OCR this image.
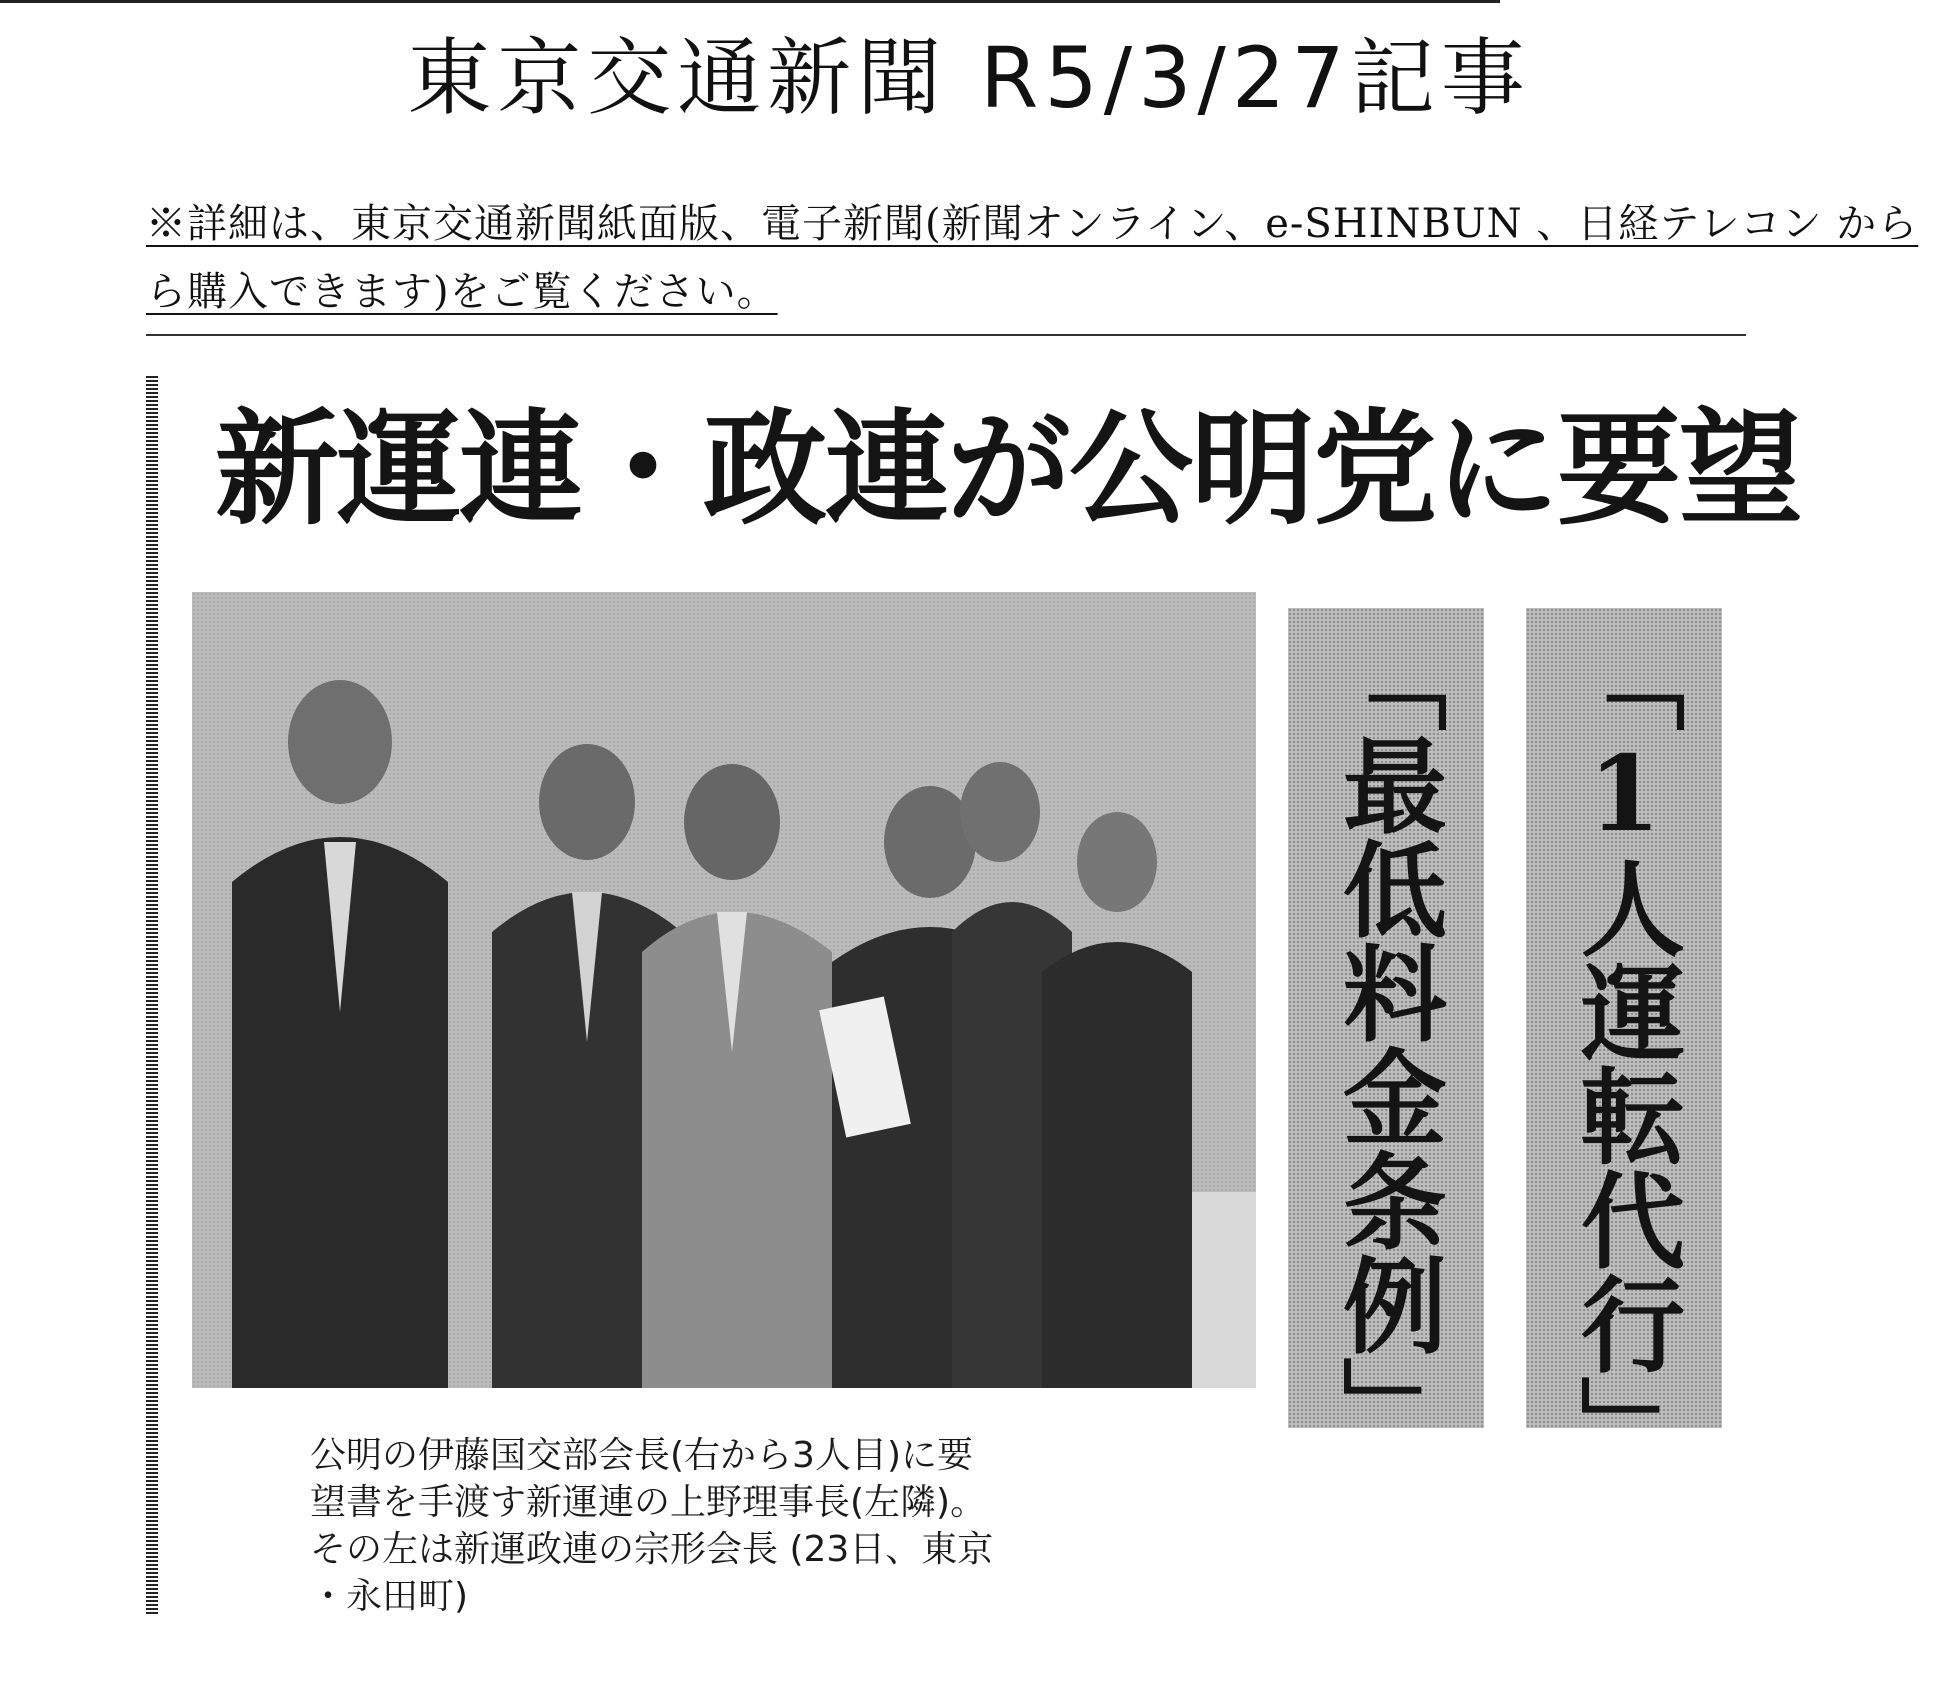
東京交通新聞 R5/3/27記事
※詳細は、東京交通新聞紙面版、電子新聞(新聞オンライン、e-SHINBUN 、日経テレコン から
ら購入できます)をご覧ください。
新運連・政連が公明党に要望
「最低料金条例」	「1人運転代行」
公明の伊藤国交部会長(右から3人目)に要
望書を手渡す新運連の上野理事長(左隣)。
その左は新運政連の宗形会長 (23日、東京
・永田町)
